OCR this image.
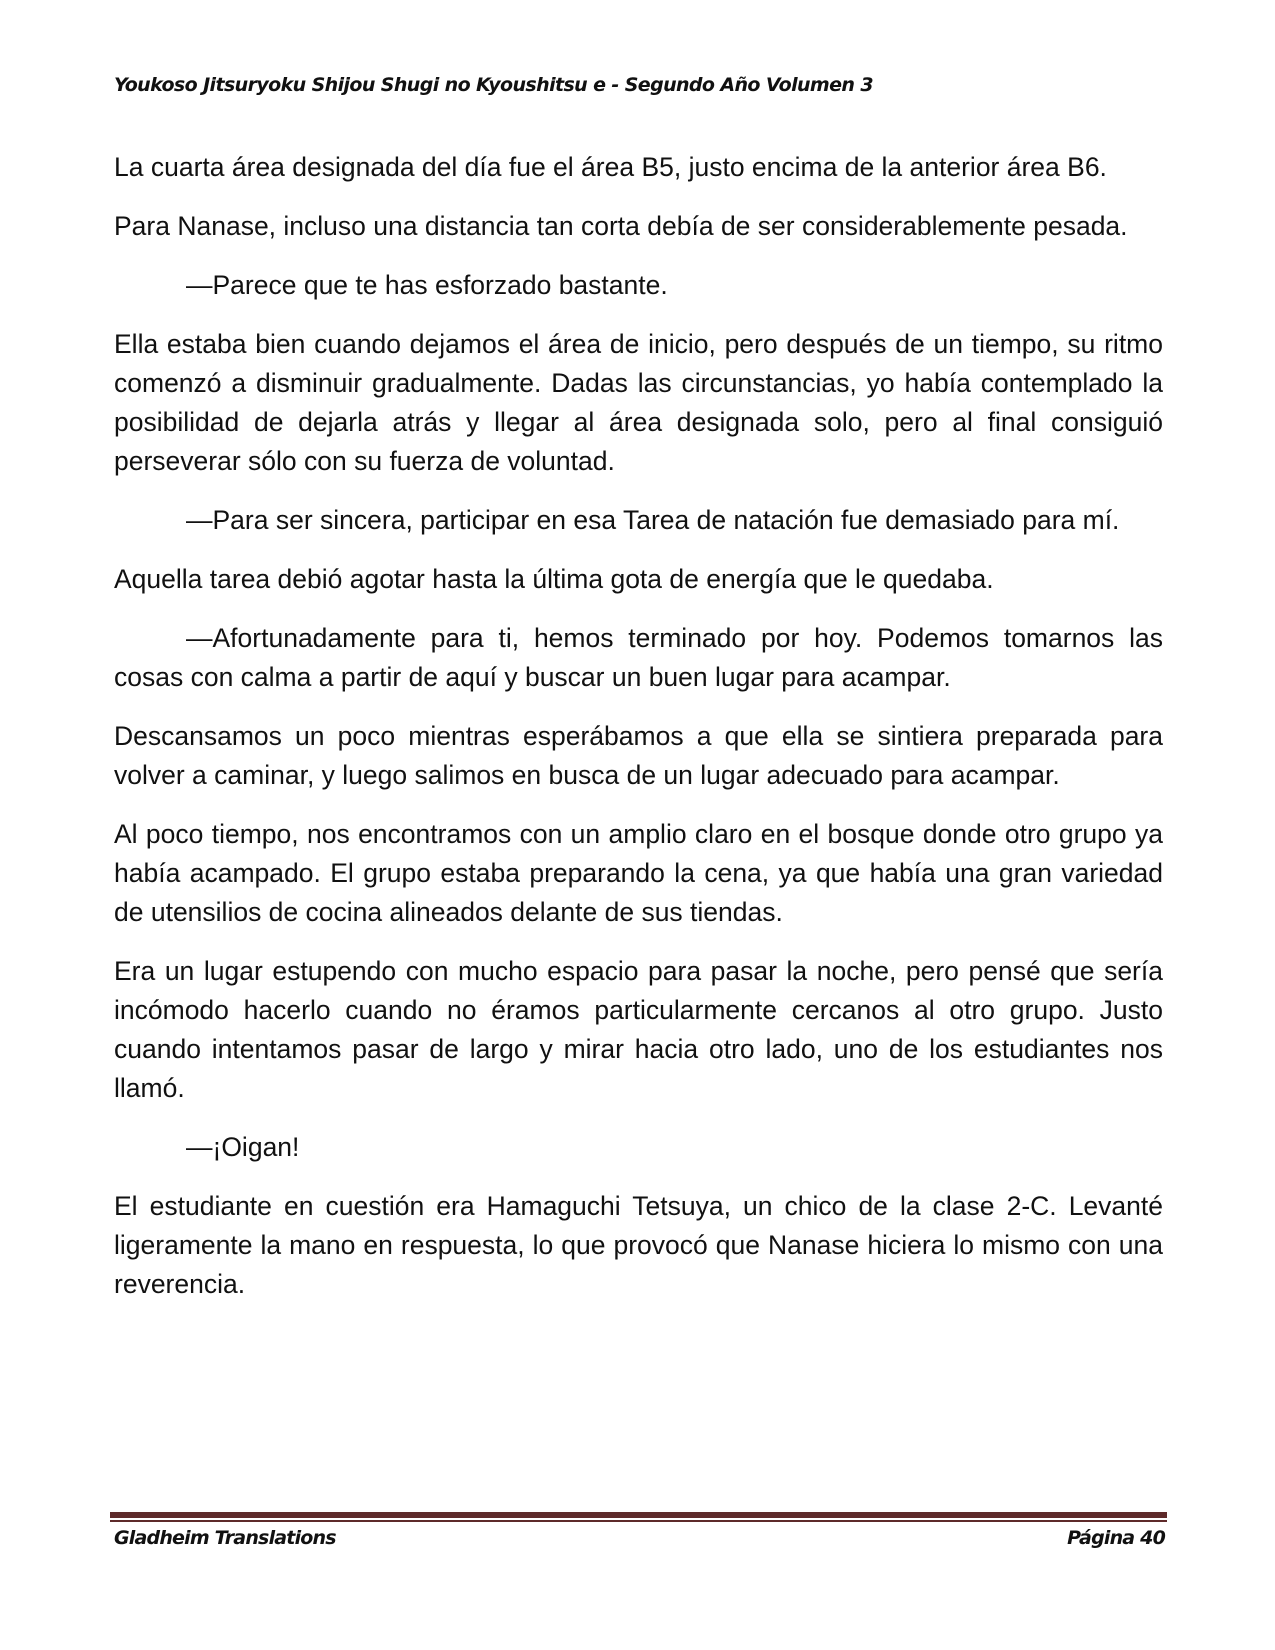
Youkoso Jitsuryoku Shijou Shugi no Kyoushitsu e - Segundo Año Volumen 3

La cuarta área designada del día fue el área B5, justo encima de la anterior área B6.

Para Nanase, incluso una distancia tan corta debía de ser considerablemente pesada.

—Parece que te has esforzado bastante.

Ella estaba bien cuando dejamos el área de inicio, pero después de un tiempo, su ritmo comenzó a disminuir gradualmente. Dadas las circunstancias, yo había contemplado la posibilidad de dejarla atrás y llegar al área designada solo, pero al final consiguió perseverar sólo con su fuerza de voluntad.

—Para ser sincera, participar en esa Tarea de natación fue demasiado para mí.

Aquella tarea debió agotar hasta la última gota de energía que le quedaba.

—Afortunadamente para ti, hemos terminado por hoy. Podemos tomarnos las cosas con calma a partir de aquí y buscar un buen lugar para acampar.

Descansamos un poco mientras esperábamos a que ella se sintiera preparada para volver a caminar, y luego salimos en busca de un lugar adecuado para acampar.

Al poco tiempo, nos encontramos con un amplio claro en el bosque donde otro grupo ya había acampado. El grupo estaba preparando la cena, ya que había una gran variedad de utensilios de cocina alineados delante de sus tiendas.

Era un lugar estupendo con mucho espacio para pasar la noche, pero pensé que sería incómodo hacerlo cuando no éramos particularmente cercanos al otro grupo. Justo cuando intentamos pasar de largo y mirar hacia otro lado, uno de los estudiantes nos llamó.

—¡Oigan!

El estudiante en cuestión era Hamaguchi Tetsuya, un chico de la clase 2-C. Levanté ligeramente la mano en respuesta, lo que provocó que Nanase hiciera lo mismo con una reverencia.

Gladheim Translations	Página 40
